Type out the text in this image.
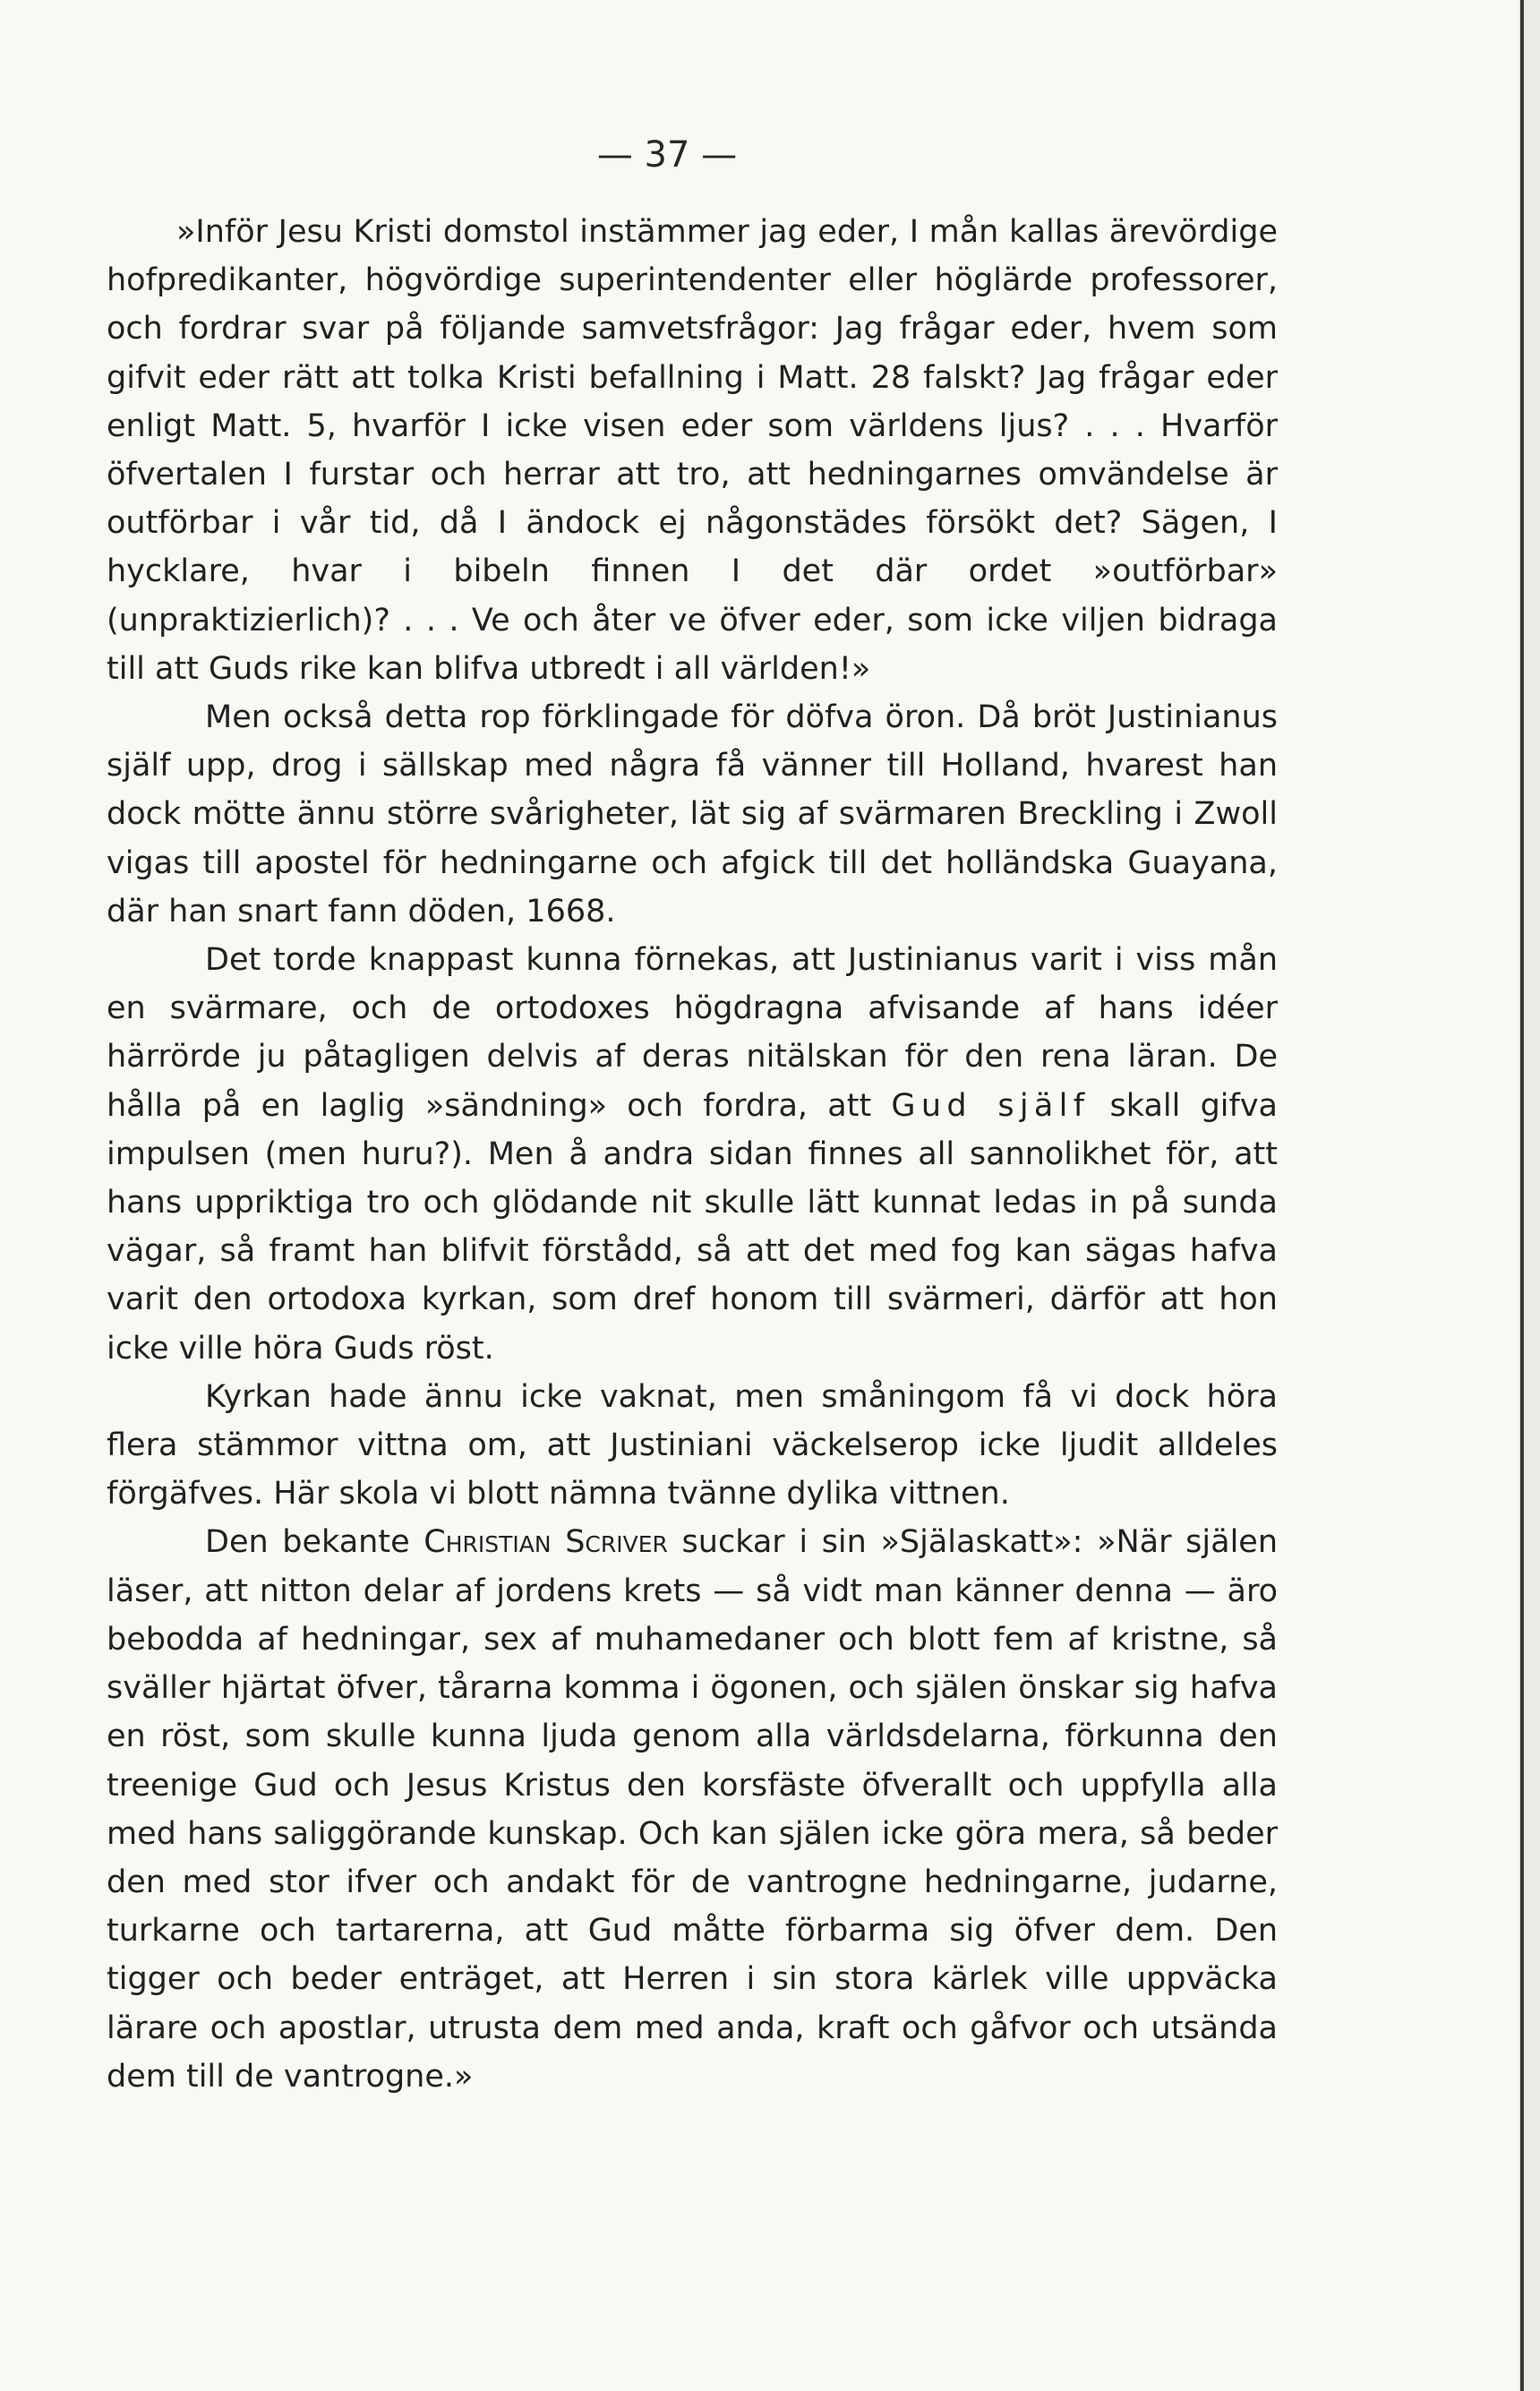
— 37 —

»Inför Jesu Kristi domstol instämmer jag eder, I mån kallas ärevördige hofpredikanter, högvördige superintendenter eller höglärde professorer, och fordrar svar på följande samvetsfrågor: Jag frågar eder, hvem som gifvit eder rätt att tolka Kristi befallning i Matt. 28 falskt? Jag frågar eder enligt Matt. 5, hvarför I icke visen eder som världens ljus? . . . Hvarför öfvertalen I furstar och herrar att tro, att hedningarnes omvändelse är outförbar i vår tid, då I ändock ej någonstädes försökt det? Sägen, I hycklare, hvar i bibeln finnen I det där ordet »outförbar» (unpraktizierlich)? . . . Ve och åter ve öfver eder, som icke viljen bidraga till att Guds rike kan blifva utbredt i all världen!»

Men också detta rop förklingade för döfva öron. Då bröt Justinianus själf upp, drog i sällskap med några få vänner till Holland, hvarest han dock mötte ännu större svårigheter, lät sig af svärmaren Breckling i Zwoll vigas till apostel för hedningarne och afgick till det holländska Guayana, där han snart fann döden, 1668.

Det torde knappast kunna förnekas, att Justinianus varit i viss mån en svärmare, och de ortodoxes högdragna afvisande af hans idéer härrörde ju påtagligen delvis af deras nitälskan för den rena läran. De hålla på en laglig »sändning» och fordra, att Gud själf skall gifva impulsen (men huru?). Men å andra sidan finnes all sannolikhet för, att hans uppriktiga tro och glödande nit skulle lätt kunnat ledas in på sunda vägar, så framt han blifvit förstådd, så att det med fog kan sägas hafva varit den ortodoxa kyrkan, som dref honom till svärmeri, därför att hon icke ville höra Guds röst.

Kyrkan hade ännu icke vaknat, men småningom få vi dock höra flera stämmor vittna om, att Justiniani väckelserop icke ljudit alldeles förgäfves. Här skola vi blott nämna tvänne dylika vittnen.

Den bekante Christian Scriver suckar i sin »Själaskatt»: »När själen läser, att nitton delar af jordens krets — så vidt man känner denna — äro bebodda af hedningar, sex af muhamedaner och blott fem af kristne, så sväller hjärtat öfver, tårarna komma i ögonen, och själen önskar sig hafva en röst, som skulle kunna ljuda genom alla världsdelarna, förkunna den treenige Gud och Jesus Kristus den korsfäste öfverallt och uppfylla alla med hans saliggörande kunskap. Och kan själen icke göra mera, så beder den med stor ifver och andakt för de vantrogne hedningarne, judarne, turkarne och tartarerna, att Gud måtte förbarma sig öfver dem. Den tigger och beder enträget, att Herren i sin stora kärlek ville uppväcka lärare och apostlar, utrusta dem med anda, kraft och gåfvor och utsända dem till de vantrogne.»
